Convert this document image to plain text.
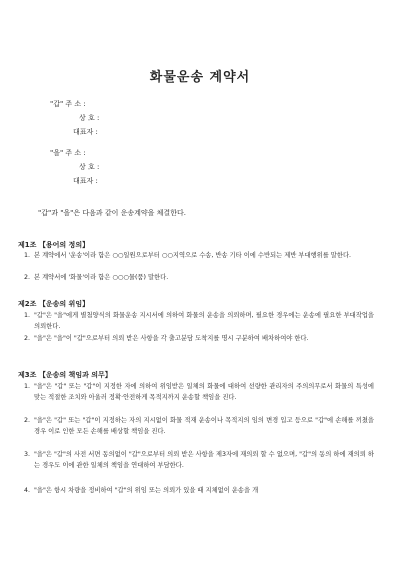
화물운송 계약서
"갑" 주 소 :
상 호 :
대표자 :
"을" 주 소 :
상 호 :
대표자 :
"갑"과 "을"은 다음과 같이 운송계약을 체결한다.
제1조 【용어의 정의】
1. 본 계약에서 '운송'이라 함은 ○○일원으로부터 ○○지역으로 수송, 반송 기타 이에 수반되는 제반 부대행위를 말한다.
2. 본 계약서에 '화물'이라 함은 ○○○물(품) 말한다.
제2조 【운송의 위임】
1. "갑"은 "을"에게 별첨양식의 화물운송 지시서에 의하여 화물의 운송을 의뢰하며, 필요한 경우에는 운송에 필요한 부대작업을 의뢰한다.
2. "을"은 "을"이 "갑"으로부터 의뢰 받은 사항을 각 출고분담 도착지를 명시 구분하여 배차하여야 한다.
제3조 【운송의 책임과 의무】
1. "을"은 "갑" 또는 "갑"이 지정한 자에 의하여 위임받은 일체의 화물에 대하여 선량한 관리자의 주의의무로서 화물의 특성에 맞는 적절한 조치와 아울러 정확·안전하게 목적지까지 운송할 책임을 진다.
2. "을"은 "갑" 또는 "갑"이 지정하는 자의 지시없이 화물 적재 운송이나 목적지의 임의 변경 입고 등으로 "갑"에 손해를 끼쳤을 경우 이로 인한 모든 손해를 배상할 책임을 진다.
3. "을"은 "갑"의 사전 서면 동의없이 "갑"으로부터 의뢰 받은 사항을 제3자에 재의뢰 할 수 없으며, "갑"의 동의 하에 재의뢰 하는 경우도 이에 관한 일체의 책임을 연대하여 부담한다.
4. "을"은 항시 차량을 정비하여 "갑"의 위임 또는 의뢰가 있을 때 지체없이 운송을 개
